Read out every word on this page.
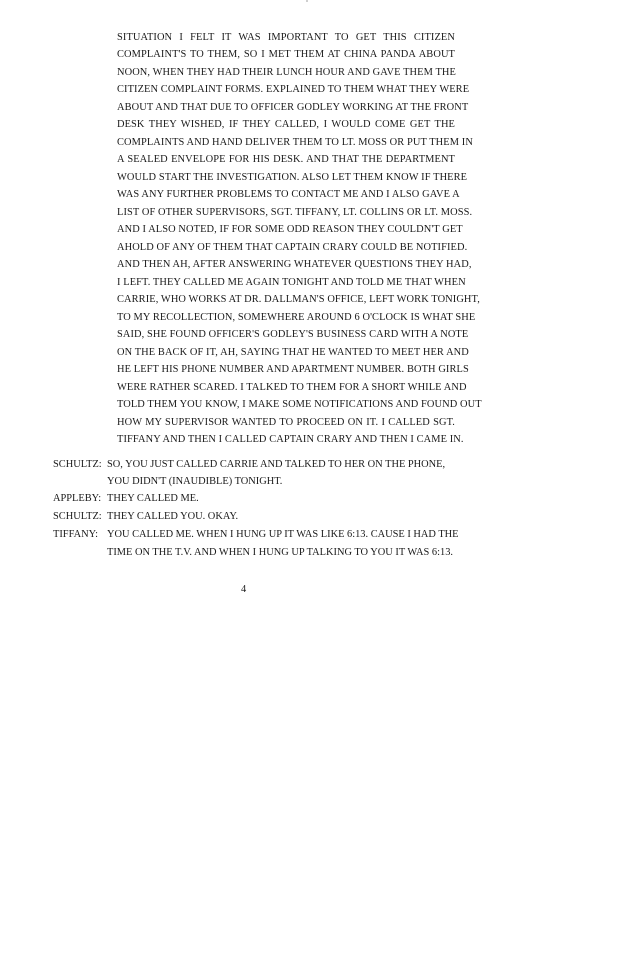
SITUATION I FELT IT WAS IMPORTANT TO GET THIS CITIZEN
COMPLAINT'S TO THEM, SO I MET THEM AT CHINA PANDA ABOUT
NOON, WHEN THEY HAD THEIR LUNCH HOUR AND GAVE THEM THE
CITIZEN COMPLAINT FORMS. EXPLAINED TO THEM WHAT THEY WERE
ABOUT AND THAT DUE TO OFFICER GODLEY WORKING AT THE FRONT
DESK THEY WISHED, IF THEY CALLED, I WOULD COME GET THE
COMPLAINTS AND HAND DELIVER THEM TO LT. MOSS OR PUT THEM IN
A SEALED ENVELOPE FOR HIS DESK. AND THAT THE DEPARTMENT
WOULD START THE INVESTIGATION. ALSO LET THEM KNOW IF THERE
WAS ANY FURTHER PROBLEMS TO CONTACT ME AND I ALSO GAVE A
LIST OF OTHER SUPERVISORS, SGT. TIFFANY, LT. COLLINS OR LT. MOSS.
AND I ALSO NOTED, IF FOR SOME ODD REASON THEY COULDN'T GET
AHOLD OF ANY OF THEM THAT CAPTAIN CRARY COULD BE NOTIFIED.
AND THEN AH, AFTER ANSWERING WHATEVER QUESTIONS THEY HAD,
I LEFT. THEY CALLED ME AGAIN TONIGHT AND TOLD ME THAT WHEN
CARRIE, WHO WORKS AT DR. DALLMAN'S OFFICE, LEFT WORK TONIGHT,
TO MY RECOLLECTION, SOMEWHERE AROUND 6 O'CLOCK IS WHAT SHE
SAID, SHE FOUND OFFICER'S GODLEY'S BUSINESS CARD WITH A NOTE
ON THE BACK OF IT, AH, SAYING THAT HE WANTED TO MEET HER AND
HE LEFT HIS PHONE NUMBER AND APARTMENT NUMBER. BOTH GIRLS
WERE RATHER SCARED. I TALKED TO THEM FOR A SHORT WHILE AND
TOLD THEM YOU KNOW, I MAKE SOME NOTIFICATIONS AND FOUND OUT
HOW MY SUPERVISOR WANTED TO PROCEED ON IT. I CALLED SGT.
TIFFANY AND THEN I CALLED CAPTAIN CRARY AND THEN I CAME IN.
SCHULTZ: SO, YOU JUST CALLED CARRIE AND TALKED TO HER ON THE PHONE,
YOU DIDN'T (INAUDIBLE) TONIGHT.
APPLEBY: THEY CALLED ME.
SCHULTZ: THEY CALLED YOU. OKAY.
TIFFANY: YOU CALLED ME. WHEN I HUNG UP IT WAS LIKE 6:13. CAUSE I HAD THE
TIME ON THE T.V. AND WHEN I HUNG UP TALKING TO YOU IT WAS 6:13.
4
